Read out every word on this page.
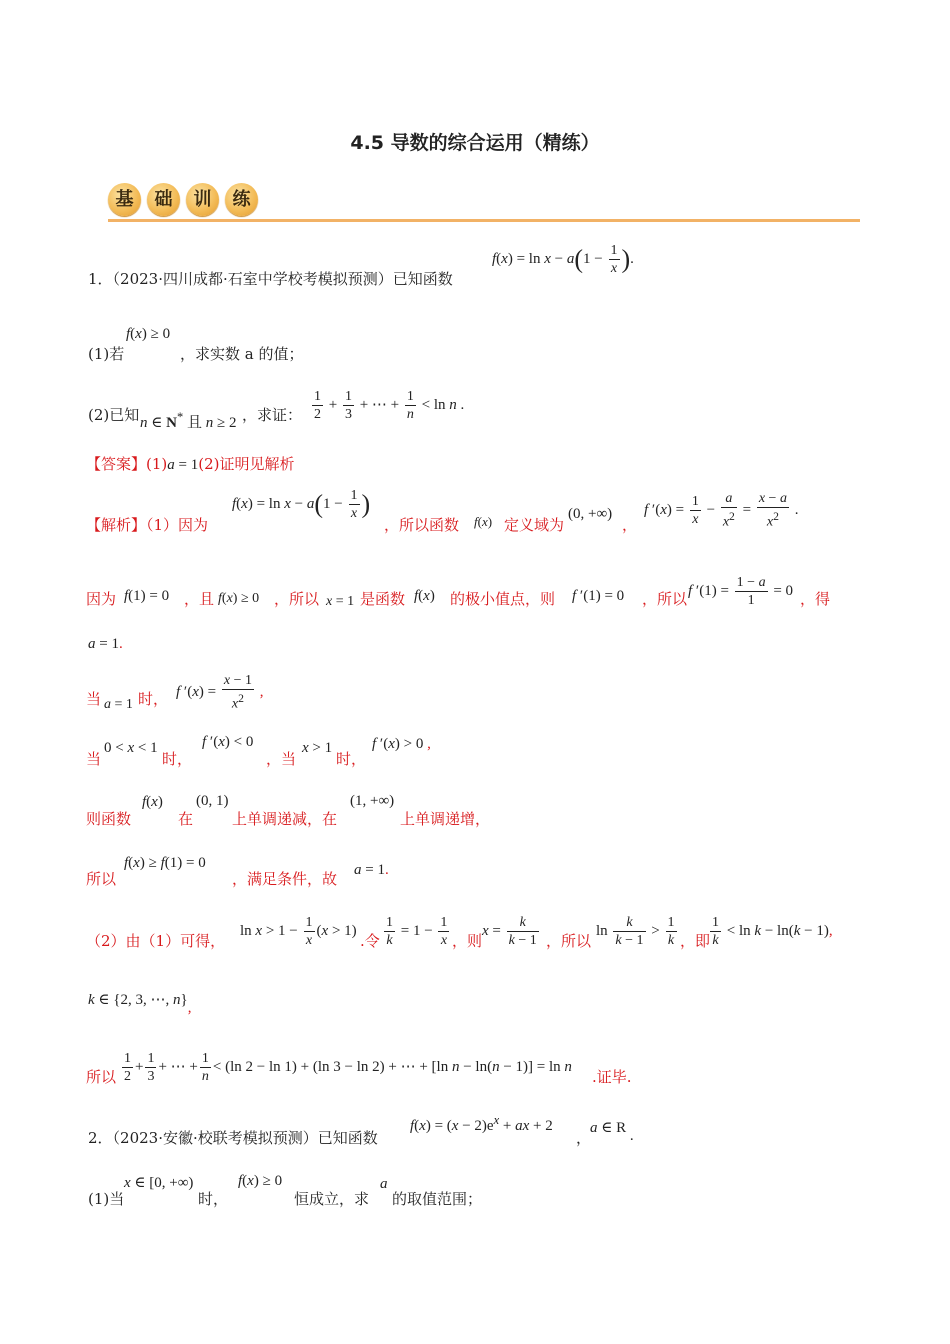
4.5 导数的综合运用（精练）
基 础 训 练
1．（2023·四川成都·石室中学校考模拟预测）已知函数
$f(x) = \ln x - a(1 - \frac{1}{x}$ ).
(1)若
f(x) ≥ 0
，求实数 a 的值；
(2)已知 n ∈ N* 且 n ≥ 2 ，求证： $\frac{1}{2} + \frac{1}{3}$ + ⋯ + $\frac{1}{n} < \ln n$ .
【答案】(1)a = 1(2)证明见解析
【解析】（1）因为
$f(x) = \ln x - a(1 - \frac{1}{x}$ )
，所以函数 f(x) 定义域为
(0, +∞)
，
f $'(x) = \frac{1}{x} - \frac{a}{x^2} = \frac{x - a}{x^2}$ .
因为 f(1) = 0 ，且 f(x) ≥ 0 ，所以 x = 1 是函数 f(x) 的极小值点，则 f ′(1) = 0 ，所以 f $'(1) = \frac{1 - a}{1} = 0$ ，得
a = 1.
当 a = 1 时， f $'(x) = \frac{x - 1}{x^2}$ ,
当
0 < x < 1
时，
f ′(x) < 0
，当
x > 1
时，
f ′(x) > 0 ,
则函数
f(x)
在
(0, 1)
上单调递减，在
(1, +∞)
上单调递增，
所以
f(x) ≥ f(1) = 0
，满足条件，故 a = 1.
（2）由（1）可得，
$\ln x > 1 - \frac{1}{x} (x > 1)$
.令 $\frac{1}{k} = 1 - \frac{1}{x}$ ，则
$x = \frac{k}{k - 1}$ ，所以
$\ln \frac{k}{k - 1} > \frac{1}{k}$ ，即 $\frac{1}{k} < \ln k - \ln(k - 1)$,
k ∈ {2, 3, ⋯, n},
所以 $\frac{1}{2} + \frac{1}{3}$ + ⋯ + $\frac{1}{n} < (\ln$ 2 − ln 1) + (ln 3 − ln 2) + ⋯ + [ln n − ln(n − 1)] = ln n
.证毕.
2．（2023·安徽·校联考模拟预测）已知函数
$f(x) = (x - 2)e^x$ + ax + 2
，
a ∈ R .
(1)当
x ∈ [0, +∞)
时，
f(x) ≥ 0
恒成立，求
a
的取值范围；
